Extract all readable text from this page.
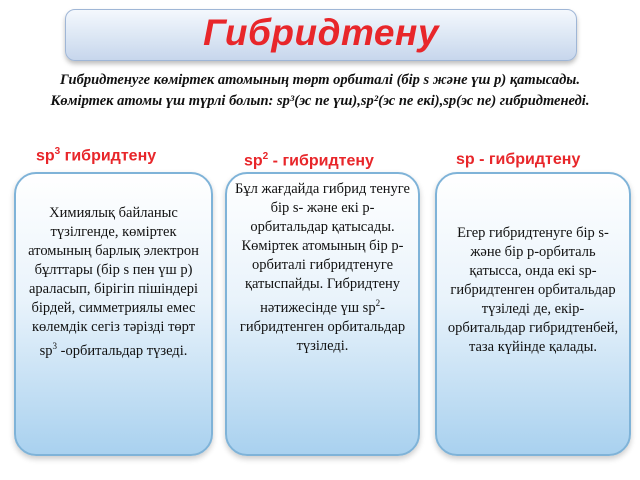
Гибридтену
Гибридтенуге көміртек атомының төрт орбиталі (бір s және үш p) қатысады. Көміртек атомы үш түрлі болып: sp³(эс пе үш),sp²(эс пе екі),sp(эс пе) гибридтенеді.
$sp^3$ гибридтену	$sp^2$ - гибридтену	sp - гибридтену
Химиялық байланыс түзілгенде, көміртек атомының барлық электрон бұлттары (бір s пен үш p) араласып, бірігіп пішіндері бірдей, симметриялы емес көлемдік сегіз тәрізді төрт $sp^3$ -орбитальдар түзеді.
Бұл жағдайда гибрид тенуге бір s- және екі p- орбитальдар қатысады. Көміртек атомының бір p-орбиталі гибридтенуге қатыспайды. Гибридтену нәтижесінде үш $sp^2$-гибридтенген орбитальдар түзіледі.
Егер гибридтенуге бір s-және бір p-орбиталь қатысса, онда екі sp-гибридтенген орбитальдар түзіледі де, екір-орбитальдар гибридтенбей, таза күйінде қалады.
